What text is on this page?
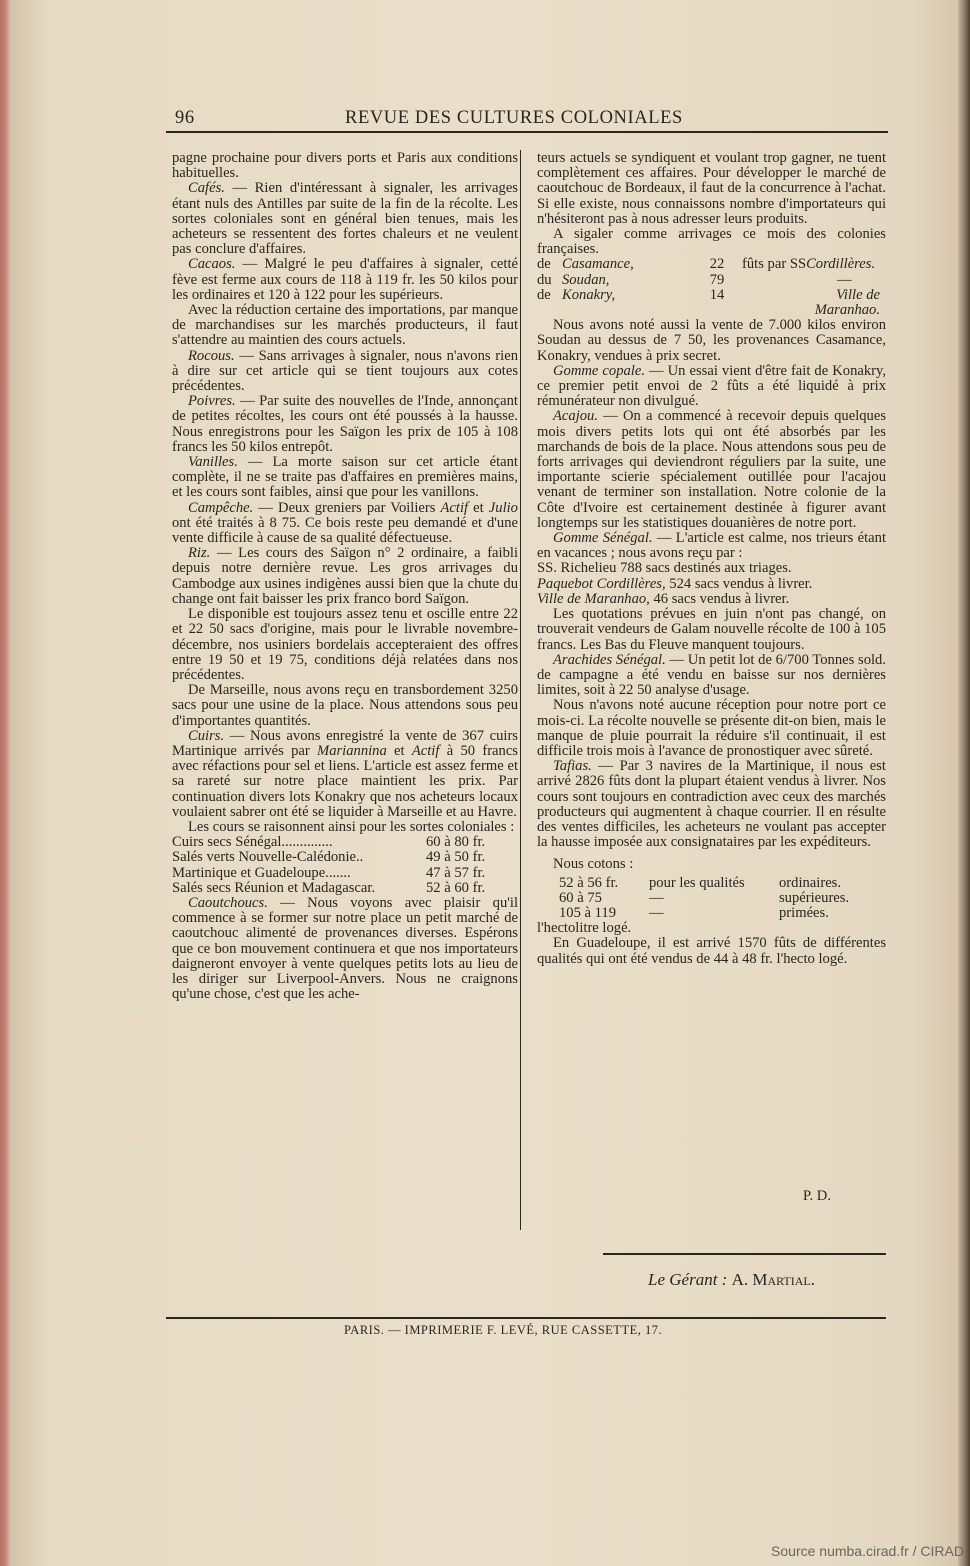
96	REVUE DES CULTURES COLONIALES

pagne prochaine pour divers ports et Paris aux conditions habituelles.

Cafés. — Rien d'intéressant à signaler, les arrivages étant nuls des Antilles par suite de la fin de la récolte. Les sortes coloniales sont en général bien tenues, mais les acheteurs se ressentent des fortes chaleurs et ne veulent pas conclure d'affaires.

Cacaos. — Malgré le peu d'affaires à signaler, cetté fève est ferme aux cours de 118 à 119 fr. les 50 kilos pour les ordinaires et 120 à 122 pour les supérieurs.

Avec la réduction certaine des importations, par manque de marchandises sur les marchés producteurs, il faut s'attendre au maintien des cours actuels.

Rocous. — Sans arrivages à signaler, nous n'avons rien à dire sur cet article qui se tient toujours aux cotes précédentes.

Poivres. — Par suite des nouvelles de l'Inde, annonçant de petites récoltes, les cours ont été poussés à la hausse. Nous enregistrons pour les Saïgon les prix de 105 à 108 francs les 50 kilos entrepôt.

Vanilles. — La morte saison sur cet article étant complète, il ne se traite pas d'affaires en premières mains, et les cours sont faibles, ainsi que pour les vanillons.

Campêche. — Deux greniers par Voiliers Actif et Julio ont été traités à 8 75. Ce bois reste peu demandé et d'une vente difficile à cause de sa qualité défectueuse.

Riz. — Les cours des Saïgon n° 2 ordinaire, a faibli depuis notre dernière revue. Les gros arrivages du Cambodge aux usines indigènes aussi bien que la chute du change ont fait baisser les prix franco bord Saïgon.

Le disponible est toujours assez tenu et oscille entre 22 et 22 50 sacs d'origine, mais pour le livrable novembre-décembre, nos usiniers bordelais accepteraient des offres entre 19 50 et 19 75, conditions déjà relatées dans nos précédentes.

De Marseille, nous avons reçu en transbordement 3250 sacs pour une usine de la place. Nous attendons sous peu d'importantes quantités.

Cuirs. — Nous avons enregistré la vente de 367 cuirs Martinique arrivés par Mariannina et Actif à 50 francs avec réfactions pour sel et liens. L'article est assez ferme et sa rareté sur notre place maintient les prix. Par continuation divers lots Konakry que nos acheteurs locaux voulaient sabrer ont été se liquider à Marseille et au Havre.

Les cours se raisonnent ainsi pour les sortes coloniales :

Cuirs secs Sénégal..............	60 à 80 fr.
Salés verts Nouvelle-Calédonie..	49 à 50 fr.
Martinique et Guadeloupe.......	47 à 57 fr.
Salés secs Réunion et Madagascar.	52 à 60 fr.

Caoutchoucs. — Nous voyons avec plaisir qu'il commence à se former sur notre place un petit marché de caoutchouc alimenté de provenances diverses. Espérons que ce bon mouvement continuera et que nos importateurs daigneront envoyer à vente quelques petits lots au lieu de les diriger sur Liverpool-Anvers. Nous ne craignons qu'une chose, c'est que les ache-

teurs actuels se syndiquent et voulant trop gagner, ne tuent complètement ces affaires. Pour développer le marché de caoutchouc de Bordeaux, il faut de la concurrence à l'achat. Si elle existe, nous connaissons nombre d'importateurs qui n'hésiteront pas à nous adresser leurs produits.

A sigaler comme arrivages ce mois des colonies françaises.

de Casamance,	22	fûts par SS Cordillères.
du Soudan,	79	—
de Konakry,	14	Ville de Maranhao.

Nous avons noté aussi la vente de 7.000 kilos environ Soudan au dessus de 7 50, les provenances Casamance, Konakry, vendues à prix secret.

Gomme copale. — Un essai vient d'être fait de Konakry, ce premier petit envoi de 2 fûts a été liquidé à prix rémunérateur non divulgué.

Acajou. — On a commencé à recevoir depuis quelques mois divers petits lots qui ont été absorbés par les marchands de bois de la place. Nous attendons sous peu de forts arrivages qui deviendront réguliers par la suite, une importante scierie spécialement outillée pour l'acajou venant de terminer son installation. Notre colonie de la Côte d'Ivoire est certainement destinée à figurer avant longtemps sur les statistiques douanières de notre port.

Gomme Sénégal. — L'article est calme, nos trieurs étant en vacances ; nous avons reçu par :

SS. Richelieu 788 sacs destinés aux triages.
Paquebot Cordillères, 524 sacs vendus à livrer.
Ville de Maranhao, 46 sacs vendus à livrer.

Les quotations prévues en juin n'ont pas changé, on trouverait vendeurs de Galam nouvelle récolte de 100 à 105 francs. Les Bas du Fleuve manquent toujours.

Arachides Sénégal. — Un petit lot de 6/700 Tonnes sold. de campagne a été vendu en baisse sur nos dernières limites, soit à 22 50 analyse d'usage.

Nous n'avons noté aucune réception pour notre port ce mois-ci. La récolte nouvelle se présente dit-on bien, mais le manque de pluie pourrait la réduire s'il continuait, il est difficile trois mois à l'avance de pronostiquer avec sûreté.

Tafias. — Par 3 navires de la Martinique, il nous est arrivé 2826 fûts dont la plupart étaient vendus à livrer. Nos cours sont toujours en contradiction avec ceux des marchés producteurs qui augmentent à chaque courrier. Il en résulte des ventes difficiles, les acheteurs ne voulant pas accepter la hausse imposée aux consignataires par les expéditeurs.

Nous cotons :

52 à 56 fr.	pour les qualités	ordinaires.
60 à 75	—	supérieures.
105 à 119	—	primées.

l'hectolitre logé.

En Guadeloupe, il est arrivé 1570 fûts de différentes qualités qui ont été vendus de 44 à 48 fr. l'hecto logé.

P. D.
Le Gérant : A. Martial.
PARIS. — IMPRIMERIE F. LEVÉ, RUE CASSETTE, 17.
Source numba.cirad.fr / CIRAD
